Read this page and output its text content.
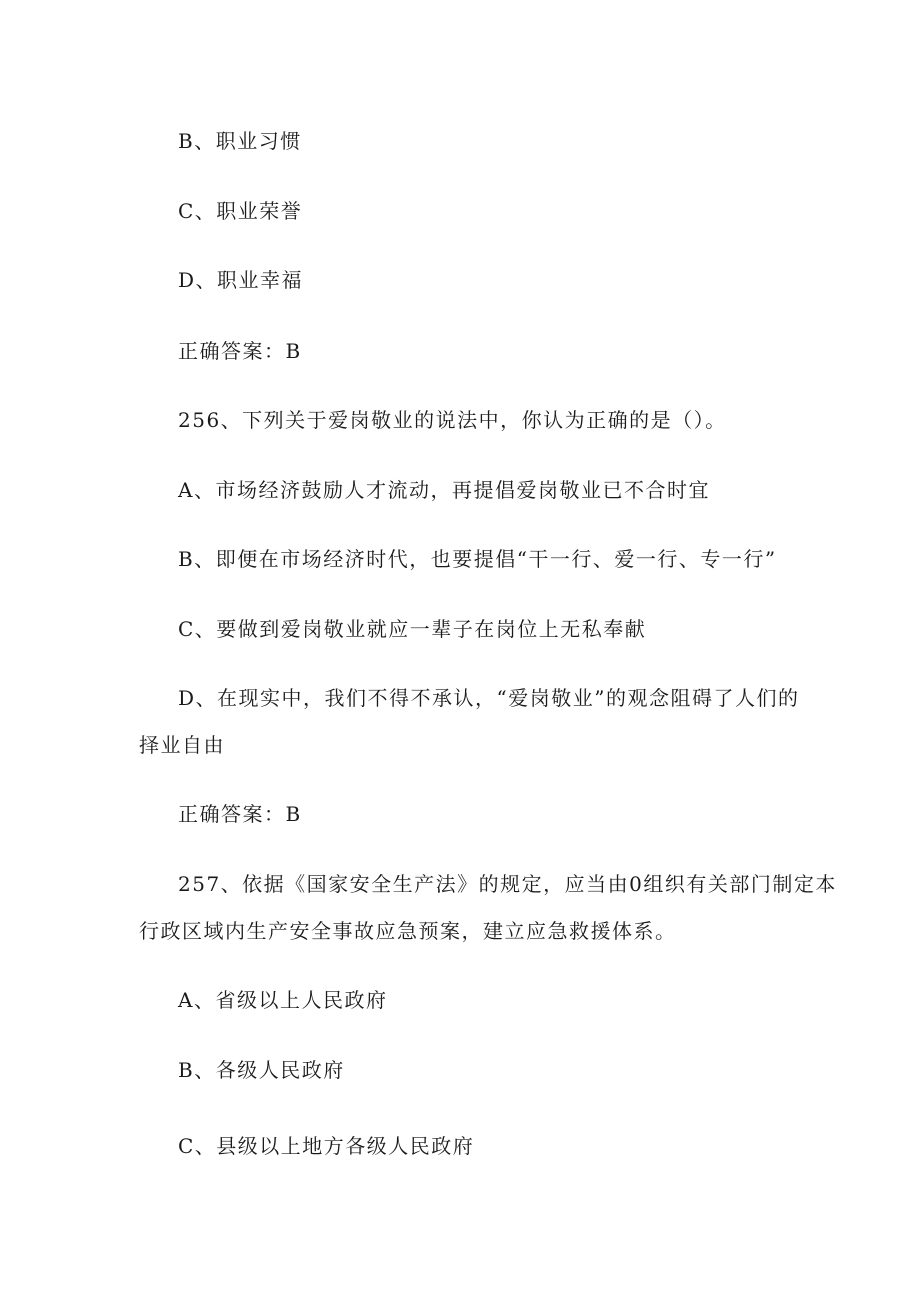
B、职业习惯
C、职业荣誉
D、职业幸福
正确答案：B
256、下列关于爱岗敬业的说法中，你认为正确的是（）。
A、市场经济鼓励人才流动，再提倡爱岗敬业已不合时宜
B、即便在市场经济时代，也要提倡“干一行、爱一行、专一行”
C、要做到爱岗敬业就应一辈子在岗位上无私奉献
D、在现实中，我们不得不承认，“爱岗敬业”的观念阻碍了人们的
择业自由
正确答案：B
257、依据《国家安全生产法》的规定，应当由0组织有关部门制定本
行政区域内生产安全事故应急预案，建立应急救援体系。
A、省级以上人民政府
B、各级人民政府
C、县级以上地方各级人民政府
